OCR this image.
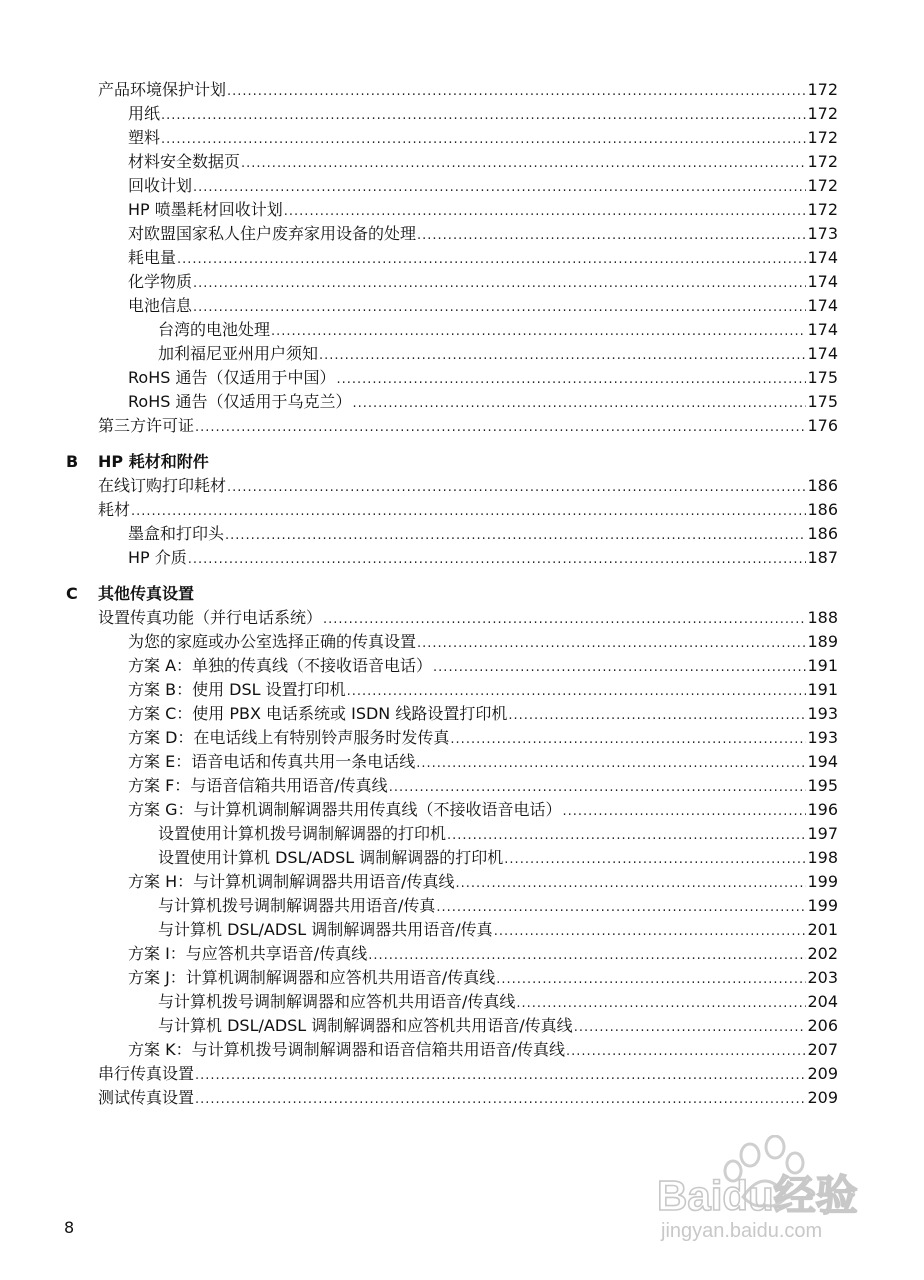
产品环境保护计划 .....	172
用纸 .....	172
塑料 .....	172
材料安全数据页 .....	172
回收计划 .....	172
HP 喷墨耗材回收计划 .....	172
对欧盟国家私人住户废弃家用设备的处理 .....	173
耗电量 .....	174
化学物质 .....	174
电池信息 .....	174
台湾的电池处理 .....	174
加利福尼亚州用户须知 .....	174
RoHS 通告（仅适用于中国） .....	175
RoHS 通告（仅适用于乌克兰） .....	175
第三方许可证 .....	176
B HP 耗材和附件
在线订购打印耗材 .....	186
耗材 .....	186
墨盒和打印头 .....	186
HP 介质 .....	187
C 其他传真设置
设置传真功能（并行电话系统） .....	188
为您的家庭或办公室选择正确的传真设置 .....	189
方案 A：单独的传真线（不接收语音电话） .....	191
方案 B：使用 DSL 设置打印机 .....	191
方案 C：使用 PBX 电话系统或 ISDN 线路设置打印机 .....	193
方案 D：在电话线上有特别铃声服务时发传真 .....	193
方案 E：语音电话和传真共用一条电话线 .....	194
方案 F：与语音信箱共用语音/传真线 .....	195
方案 G：与计算机调制解调器共用传真线（不接收语音电话） .....	196
设置使用计算机拨号调制解调器的打印机 .....	197
设置使用计算机 DSL/ADSL 调制解调器的打印机 .....	198
方案 H：与计算机调制解调器共用语音/传真线 .....	199
与计算机拨号调制解调器共用语音/传真 .....	199
与计算机 DSL/ADSL 调制解调器共用语音/传真 .....	201
方案 I：与应答机共享语音/传真线 .....	202
方案 J：计算机调制解调器和应答机共用语音/传真线 .....	203
与计算机拨号调制解调器和应答机共用语音/传真线 .....	204
与计算机 DSL/ADSL 调制解调器和应答机共用语音/传真线 .....	206
方案 K：与计算机拨号调制解调器和语音信箱共用语音/传真线 .....	207
串行传真设置 .....	209
测试传真设置 .....	209
8
Baidu经验
jingyan.baidu.com
